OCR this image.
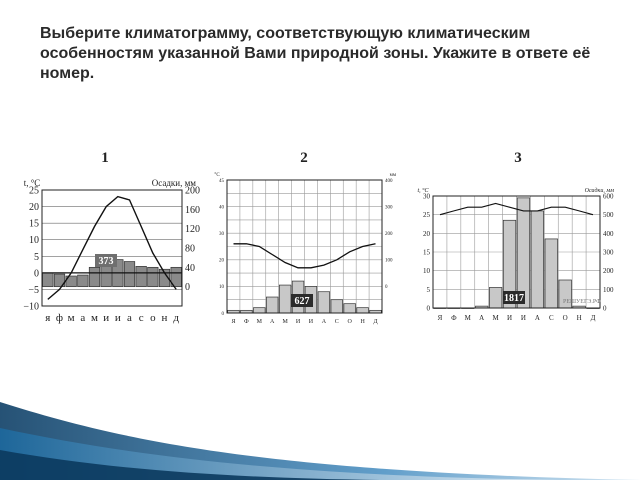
Выберите климатограмму, соответствующую климатическим особенностям указанной Вами природной зоны. Укажите в ответе её номер.
25
20
15
10
5
0
−5
−10
200
160
120
80
40
0
я ф м а м и и а с о н д
t, °C	Осадки, мм
1
373
45
40
30
20
10
0
400
300
200
100
0
Я Ф М А М И И А С О Н Д
°C	мм
2
627
30
25
20
15
10
5
0
600
500
400
300
200
100
0
Я Ф М А М И И А С О Н Д
t, °C	Осадки, мм
3
1817	РЕШУЕГЭ.РФ
